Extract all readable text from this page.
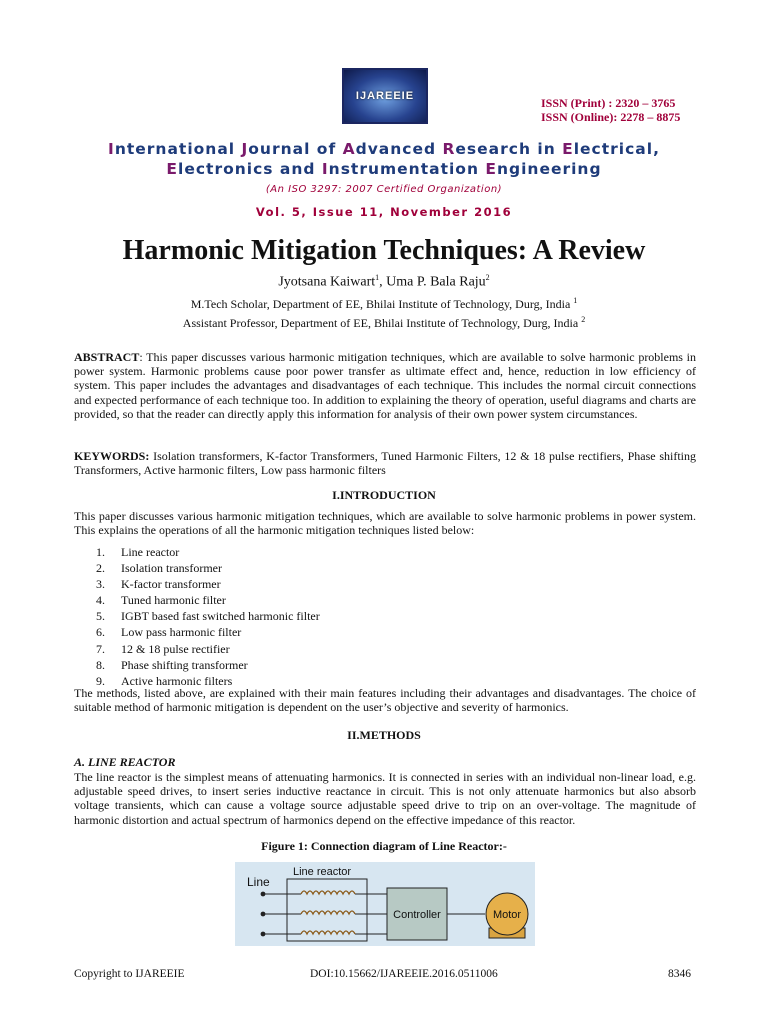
IJAREEIE	ISSN (Print) : 2320 – 3765
ISSN (Online): 2278 – 8875
International Journal of Advanced Research in Electrical,
Electronics and Instrumentation Engineering
(An ISO 3297: 2007 Certified Organization)
Vol. 5, Issue 11, November 2016
Harmonic Mitigation Techniques: A Review
Jyotsana Kaiwart$^1$, Uma P. Bala Raju$^2$
M.Tech Scholar, Department of EE, Bhilai Institute of Technology, Durg, India $^1$
Assistant Professor, Department of EE, Bhilai Institute of Technology, Durg, India $^2$
ABSTRACT: This paper discusses various harmonic mitigation techniques, which are available to solve harmonic problems in power system. Harmonic problems cause poor power transfer as ultimate effect and, hence, reduction in low efficiency of system. This paper includes the advantages and disadvantages of each technique. This includes the normal circuit connections and expected performance of each technique too. In addition to explaining the theory of operation, useful diagrams and charts are provided, so that the reader can directly apply this information for analysis of their own power system circumstances.
KEYWORDS: Isolation transformers, K-factor Transformers, Tuned Harmonic Filters, 12 & 18 pulse rectifiers, Phase shifting Transformers, Active harmonic filters, Low pass harmonic filters
I.INTRODUCTION
This paper discusses various harmonic mitigation techniques, which are available to solve harmonic problems in power system. This explains the operations of all the harmonic mitigation techniques listed below:
1.	Line reactor
2.	Isolation transformer
3.	K-factor transformer
4.	Tuned harmonic filter
5.	IGBT based fast switched harmonic filter
6.	Low pass harmonic filter
7.	12 & 18 pulse rectifier
8.	Phase shifting transformer
9.	Active harmonic filters
The methods, listed above, are explained with their main features including their advantages and disadvantages. The choice of suitable method of harmonic mitigation is dependent on the user’s objective and severity of harmonics.
II.METHODS
A. LINE REACTOR
The line reactor is the simplest means of attenuating harmonics. It is connected in series with an individual non-linear load, e.g. adjustable speed drives, to insert series inductive reactance in circuit. This is not only attenuate harmonics but also absorb voltage transients, which can cause a voltage source adjustable speed drive to trip on an over-voltage. The magnitude of harmonic distortion and actual spectrum of harmonics depend on the effective impedance of this reactor.
Figure 1: Connection diagram of Line Reactor:-
Line
Line reactor
Controller	Motor
Copyright to IJAREEIE	DOI:10.15662/IJAREEIE.2016.0511006	8346
